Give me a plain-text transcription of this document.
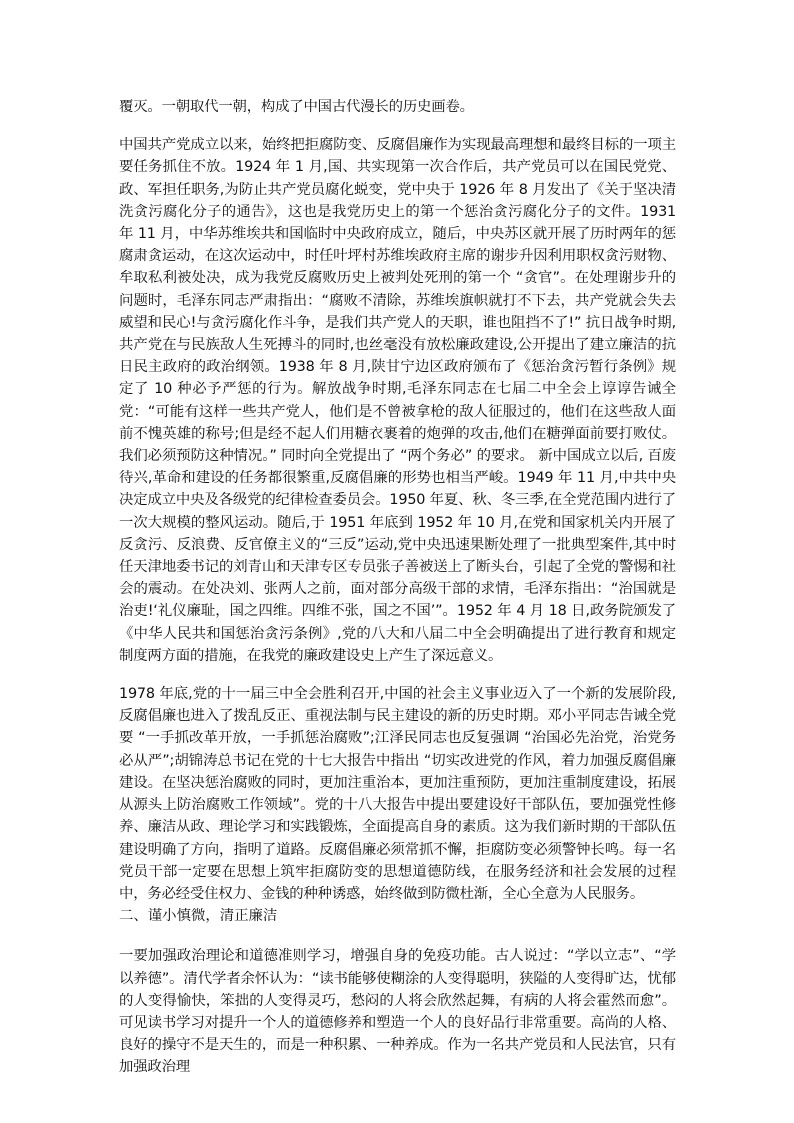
覆灭。一朝取代一朝，构成了中国古代漫长的历史画卷。

中国共产党成立以来，始终把拒腐防变、反腐倡廉作为实现最高理想和最终目标的一项主要任务抓住不放。1924 年 1 月,国、共实现第一次合作后，共产党员可以在国民党党、政、军担任职务,为防止共产党员腐化蜕变，党中央于 1926 年 8 月发出了《关于坚决清洗贪污腐化分子的通告》，这也是我党历史上的第一个惩治贪污腐化分子的文件。1931 年 11 月，中华苏维埃共和国临时中央政府成立，随后，中央苏区就开展了历时两年的惩腐肃贪运动，在这次运动中，时任叶坪村苏维埃政府主席的谢步升因利用职权贪污财物、牟取私利被处决，成为我党反腐败历史上被判处死刑的第一个 “贪官”。在处理谢步升的问题时，毛泽东同志严肃指出：“腐败不清除，苏维埃旗帜就打不下去，共产党就会失去威望和民心!与贪污腐化作斗争，是我们共产党人的天职，谁也阻挡不了!” 抗日战争时期,共产党在与民族敌人生死搏斗的同时,也丝毫没有放松廉政建设,公开提出了建立廉洁的抗日民主政府的政治纲领。1938 年 8 月,陕甘宁边区政府颁布了《惩治贪污暂行条例》规定了 10 种必予严惩的行为。解放战争时期,毛泽东同志在七届二中全会上谆谆告诫全党：“可能有这样一些共产党人，他们是不曾被拿枪的敌人征服过的，他们在这些敌人面前不愧英雄的称号;但是经不起人们用糖衣裹着的炮弹的攻击,他们在糖弹面前要打败仗。我们必须预防这种情况。” 同时向全党提出了 “两个务必” 的要求。 新中国成立以后, 百废待兴,革命和建设的任务都很繁重,反腐倡廉的形势也相当严峻。1949 年 11 月,中共中央决定成立中央及各级党的纪律检查委员会。1950 年夏、秋、冬三季,在全党范围内进行了一次大规模的整风运动。随后,于 1951 年底到 1952 年 10 月,在党和国家机关内开展了反贪污、反浪费、反官僚主义的“三反”运动,党中央迅速果断处理了一批典型案件,其中时任天津地委书记的刘青山和天津专区专员张子善被送上了断头台，引起了全党的警惕和社会的震动。在处决刘、张两人之前，面对部分高级干部的求情，毛泽东指出：“治国就是治吏!‘礼仪廉耻，国之四维。四维不张，国之不国’”。1952 年 4 月 18 日,政务院颁发了《中华人民共和国惩治贪污条例》,党的八大和八届二中全会明确提出了进行教育和规定制度两方面的措施，在我党的廉政建设史上产生了深远意义。

1978 年底,党的十一届三中全会胜利召开,中国的社会主义事业迈入了一个新的发展阶段,反腐倡廉也进入了拨乱反正、重视法制与民主建设的新的历史时期。邓小平同志告诫全党要 “一手抓改革开放，一手抓惩治腐败”;江泽民同志也反复强调 “治国必先治党，治党务必从严”;胡锦涛总书记在党的十七大报告中指出 “切实改进党的作风，着力加强反腐倡廉建设。在坚决惩治腐败的同时，更加注重治本，更加注重预防，更加注重制度建设，拓展从源头上防治腐败工作领域”。党的十八大报告中提出要建设好干部队伍，要加强党性修养、廉洁从政、理论学习和实践锻炼，全面提高自身的素质。这为我们新时期的干部队伍建设明确了方向，指明了道路。反腐倡廉必须常抓不懈，拒腐防变必须警钟长鸣。每一名党员干部一定要在思想上筑牢拒腐防变的思想道德防线，在服务经济和社会发展的过程中，务必经受住权力、金钱的种种诱惑，始终做到防微杜渐，全心全意为人民服务。

二、谨小慎微，清正廉洁

一要加强政治理论和道德准则学习，增强自身的免疫功能。古人说过：“学以立志”、“学以养德”。清代学者余怀认为：“读书能够使糊涂的人变得聪明，狭隘的人变得旷达，忧郁的人变得愉快，笨拙的人变得灵巧，愁闷的人将会欣然起舞，有病的人将会霍然而愈”。可见读书学习对提升一个人的道德修养和塑造一个人的良好品行非常重要。高尚的人格、良好的操守不是天生的，而是一种积累、一种养成。作为一名共产党员和人民法官，只有加强政治理
